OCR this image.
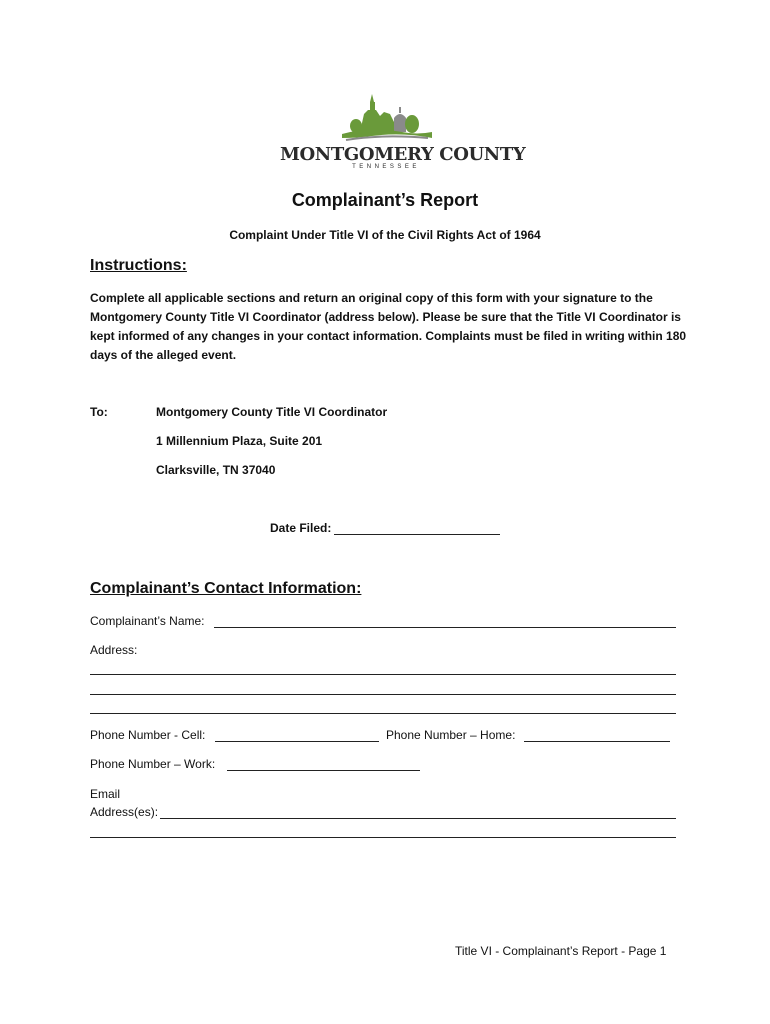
MONTGOMERY COUNTY
TENNESSEE
Complainant’s Report
Complaint Under Title VI of the Civil Rights Act of 1964
Instructions:
Complete all applicable sections and return an original copy of this form with your signature to the Montgomery County Title VI Coordinator (address below). Please be sure that the Title VI Coordinator is kept informed of any changes in your contact information. Complaints must be filed in writing within 180 days of the alleged event.
To:	Montgomery County Title VI Coordinator
1 Millennium Plaza, Suite 201
Clarksville, TN 37040
Date Filed:
Complainant’s Contact Information:
Complainant’s Name:
Address:
Phone Number - Cell:	Phone Number – Home:
Phone Number – Work:
Email
Address(es):
Title VI - Complainant’s Report - Page 1
